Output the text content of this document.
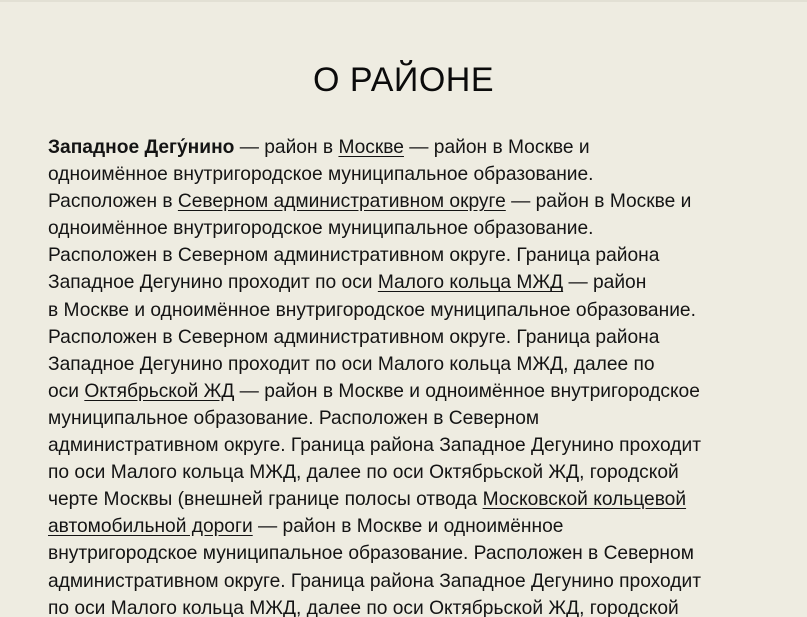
О РАЙОНЕ
Западное Дегу́нино — район в Москве — район в Москве и
одноимённое внутригородское муниципальное образование.
Расположен в Северном административном округе — район в Москве и
одноимённое внутригородское муниципальное образование.
Расположен в Северном административном округе. Граница района
Западное Дегунино проходит по оси Малого кольца МЖД — район
в Москве и одноимённое внутригородское муниципальное образование.
Расположен в Северном административном округе. Граница района
Западное Дегунино проходит по оси Малого кольца МЖД, далее по
оси Октябрьской ЖД — район в Москве и одноимённое внутригородское
муниципальное образование. Расположен в Северном
административном округе. Граница района Западное Дегунино проходит
по оси Малого кольца МЖД, далее по оси Октябрьской ЖД, городской
черте Москвы (внешней границе полосы отвода Московской кольцевой
автомобильной дороги — район в Москве и одноимённое
внутригородское муниципальное образование. Расположен в Северном
административном округе. Граница района Западное Дегунино проходит
по оси Малого кольца МЖД, далее по оси Октябрьской ЖД, городской
